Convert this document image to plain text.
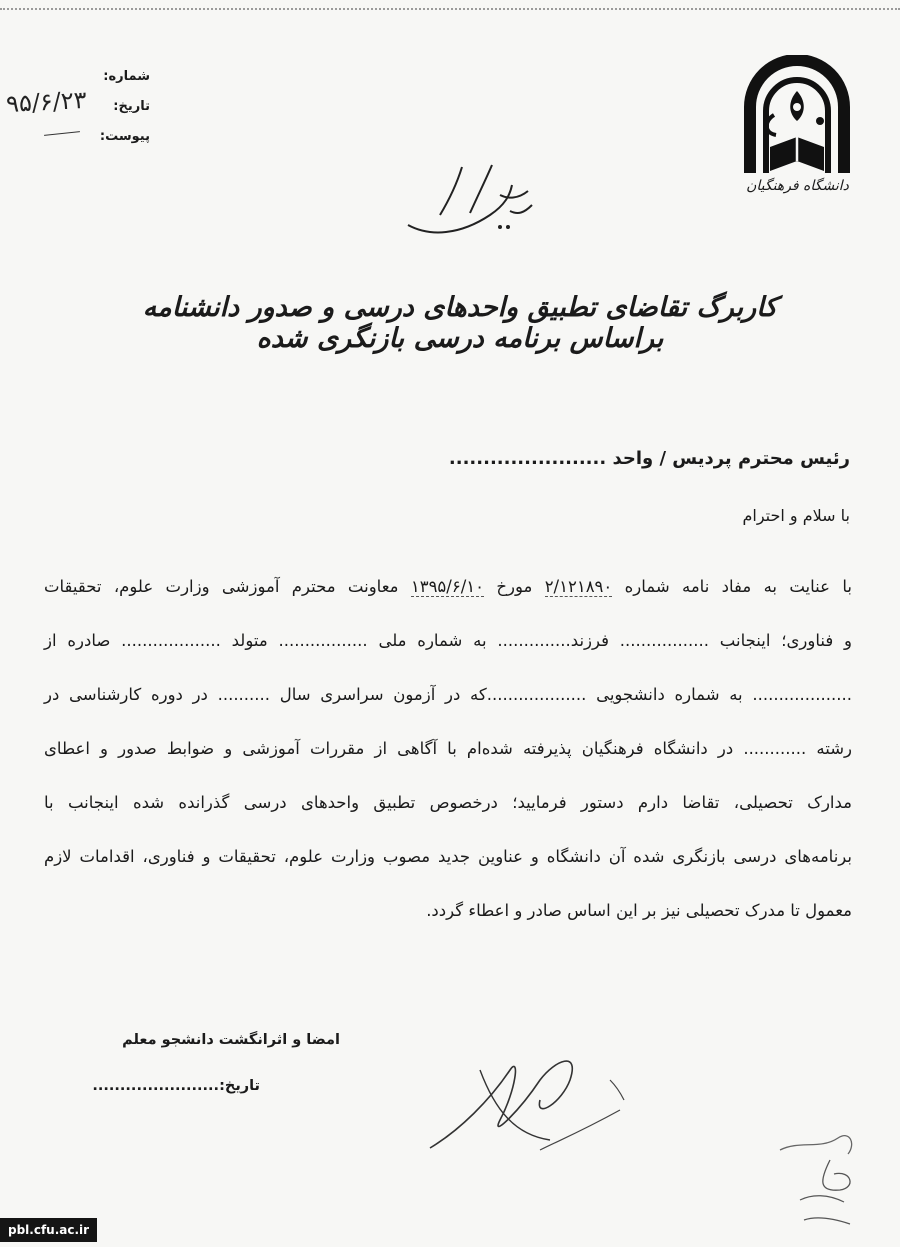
شماره:
تاریخ:
پیوست:
۹۵/۶/۲۳
دانشگاه فرهنگیان
کاربرگ تقاضای تطبیق واحدهای درسی و صدور دانشنامه براساس برنامه درسی بازنگری شده
رئیس محترم پردیس / واحد .......................
با سلام و احترام
با عنایت به مفاد نامه شماره ۲/۱۲۱۸۹۰ مورخ ۱۳۹۵/۶/۱۰ معاونت محترم آموزشی وزارت علوم، تحقیقات
و فناوری؛ اینجانب ................. فرزند.............. به شماره ملی ................. متولد ................... صادره از
................... به شماره دانشجویی ...................که در آزمون سراسری سال .......... در دوره کارشناسی در
رشته ............ در دانشگاه فرهنگیان پذیرفته شده‌ام با آگاهی از مقررات آموزشی و ضوابط صدور و اعطای
مدارک تحصیلی، تقاضا دارم دستور فرمایید؛ درخصوص تطبیق واحدهای درسی گذرانده شده اینجانب با
برنامه‌های درسی بازنگری شده آن دانشگاه و عناوین جدید مصوب وزارت علوم، تحقیقات و فناوری، اقدامات لازم
معمول تا مدرک تحصیلی نیز بر این اساس صادر و اعطاء گردد.
امضا و اثرانگشت دانشجو معلم
تاریخ:.......................
pbl.cfu.ac.ir
